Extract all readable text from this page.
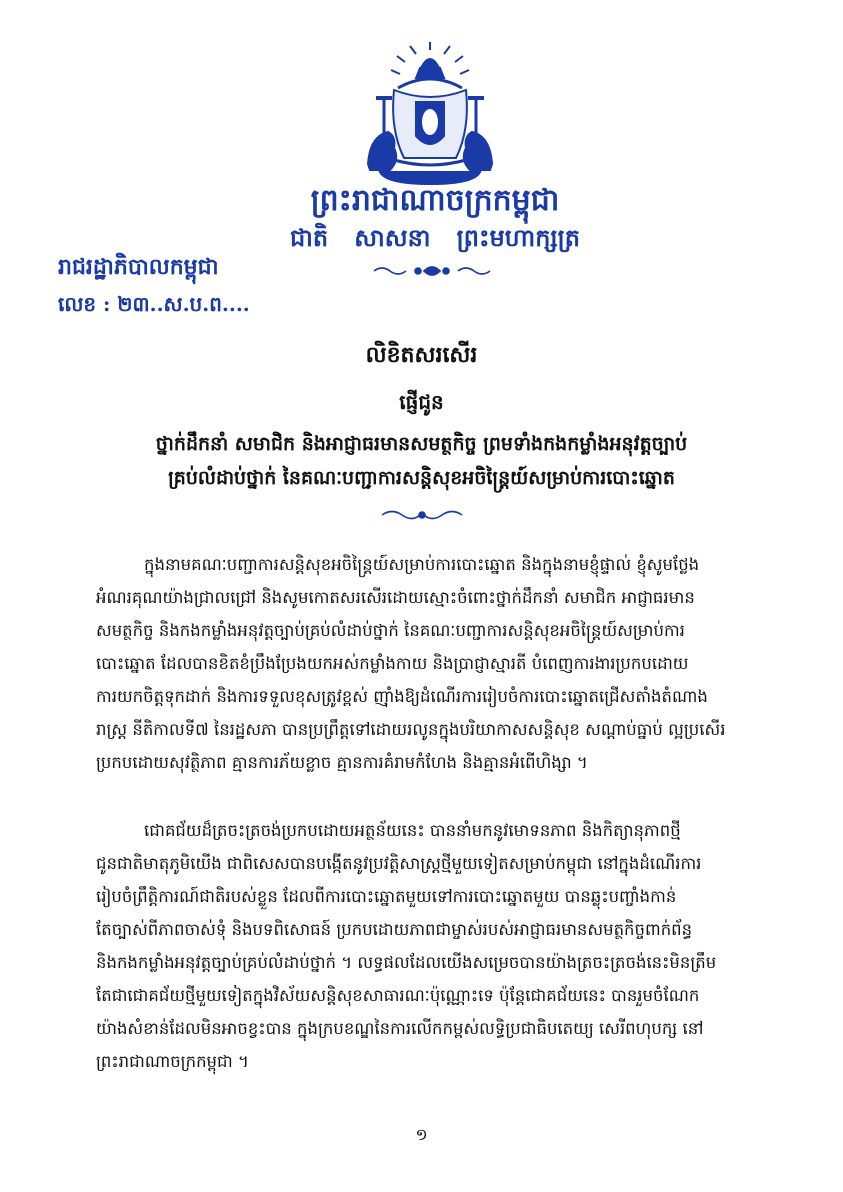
ព្រះរាជាណាចក្រកម្ពុជា
ជាតិ សាសនា ព្រះមហាក្សត្រ
រាជរដ្ឋាភិបាលកម្ពុជា
លេខ : ២៣..ស.ប.ព....
លិខិតសរសើរ
ផ្ញើជូន
ថ្នាក់ដឹកនាំ សមាជិក និងអាជ្ញាធរមានសមត្ថកិច្ច ព្រមទាំងកងកម្លាំងអនុវត្តច្បាប់
គ្រប់លំដាប់ថ្នាក់ នៃគណៈបញ្ជាការសន្តិសុខអចិន្ត្រៃយ៍សម្រាប់ការបោះឆ្នោត
ក្នុងនាមគណៈបញ្ជាការសន្តិសុខអចិន្ត្រៃយ៍សម្រាប់ការបោះឆ្នោត និងក្នុងនាមខ្ញុំផ្ទាល់ ខ្ញុំសូមថ្លែង
អំណរគុណយ៉ាងជ្រាលជ្រៅ និងសូមកោតសរសើរដោយស្មោះចំពោះថ្នាក់ដឹកនាំ សមាជិក អាជ្ញាធរមាន
សមត្ថកិច្ច និងកងកម្លាំងអនុវត្តច្បាប់គ្រប់លំដាប់ថ្នាក់ នៃគណៈបញ្ជាការសន្តិសុខអចិន្ត្រៃយ៍សម្រាប់ការ
បោះឆ្នោត ដែលបានខិតខំប្រឹងប្រែងយកអស់កម្លាំងកាយ និងប្រាជ្ញាស្មារតី បំពេញការងារប្រកបដោយ
ការយកចិត្តទុកដាក់ និងការទទួលខុសត្រូវខ្ពស់ ញ៉ាំងឱ្យដំណើរការរៀបចំការបោះឆ្នោតជ្រើសតាំងតំណាង
រាស្ត្រ នីតិកាលទី៧ នៃរដ្ឋសភា បានប្រព្រឹត្តទៅដោយរលូនក្នុងបរិយាកាសសន្តិសុខ សណ្តាប់ធ្នាប់ ល្អប្រសើរ
ប្រកបដោយសុវត្ថិភាព គ្មានការភ័យខ្លាច គ្មានការគំរាមកំហែង និងគ្មានអំពើហិង្សា ។
ជោគជ័យដ៏ត្រចះត្រចង់ប្រកបដោយអត្ថន័យនេះ បាននាំមកនូវមោទនភាព និងកិត្យានុភាពថ្មី
ជូនជាតិមាតុភូមិយើង ជាពិសេសបានបង្កើតនូវប្រវត្តិសាស្ត្រថ្មីមួយទៀតសម្រាប់កម្ពុជា នៅក្នុងដំណើរការ
រៀបចំព្រឹត្តិការណ៍ជាតិរបស់ខ្លួន ដែលពីការបោះឆ្នោតមួយទៅការបោះឆ្នោតមួយ បានឆ្លុះបញ្ចាំងកាន់
តែច្បាស់ពីភាពចាស់ទុំ និងបទពិសោធន៍ ប្រកបដោយភាពជាម្ចាស់របស់អាជ្ញាធរមានសមត្ថកិច្ចពាក់ព័ន្ធ
និងកងកម្លាំងអនុវត្តច្បាប់គ្រប់លំដាប់ថ្នាក់ ។ លទ្ធផលដែលយើងសម្រេចបានយ៉ាងត្រចះត្រចង់នេះមិនត្រឹម
តែជាជោគជ័យថ្មីមួយទៀតក្នុងវិស័យសន្តិសុខសាធារណៈប៉ុណ្ណោះទេ ប៉ុន្តែជោគជ័យនេះ បានរួមចំណែក
យ៉ាងសំខាន់ដែលមិនអាចខ្វះបាន ក្នុងក្របខណ្ឌនៃការលើកកម្ពស់លទ្ធិប្រជាធិបតេយ្យ សេរីពហុបក្ស នៅ
ព្រះរាជាណាចក្រកម្ពុជា ។
១
